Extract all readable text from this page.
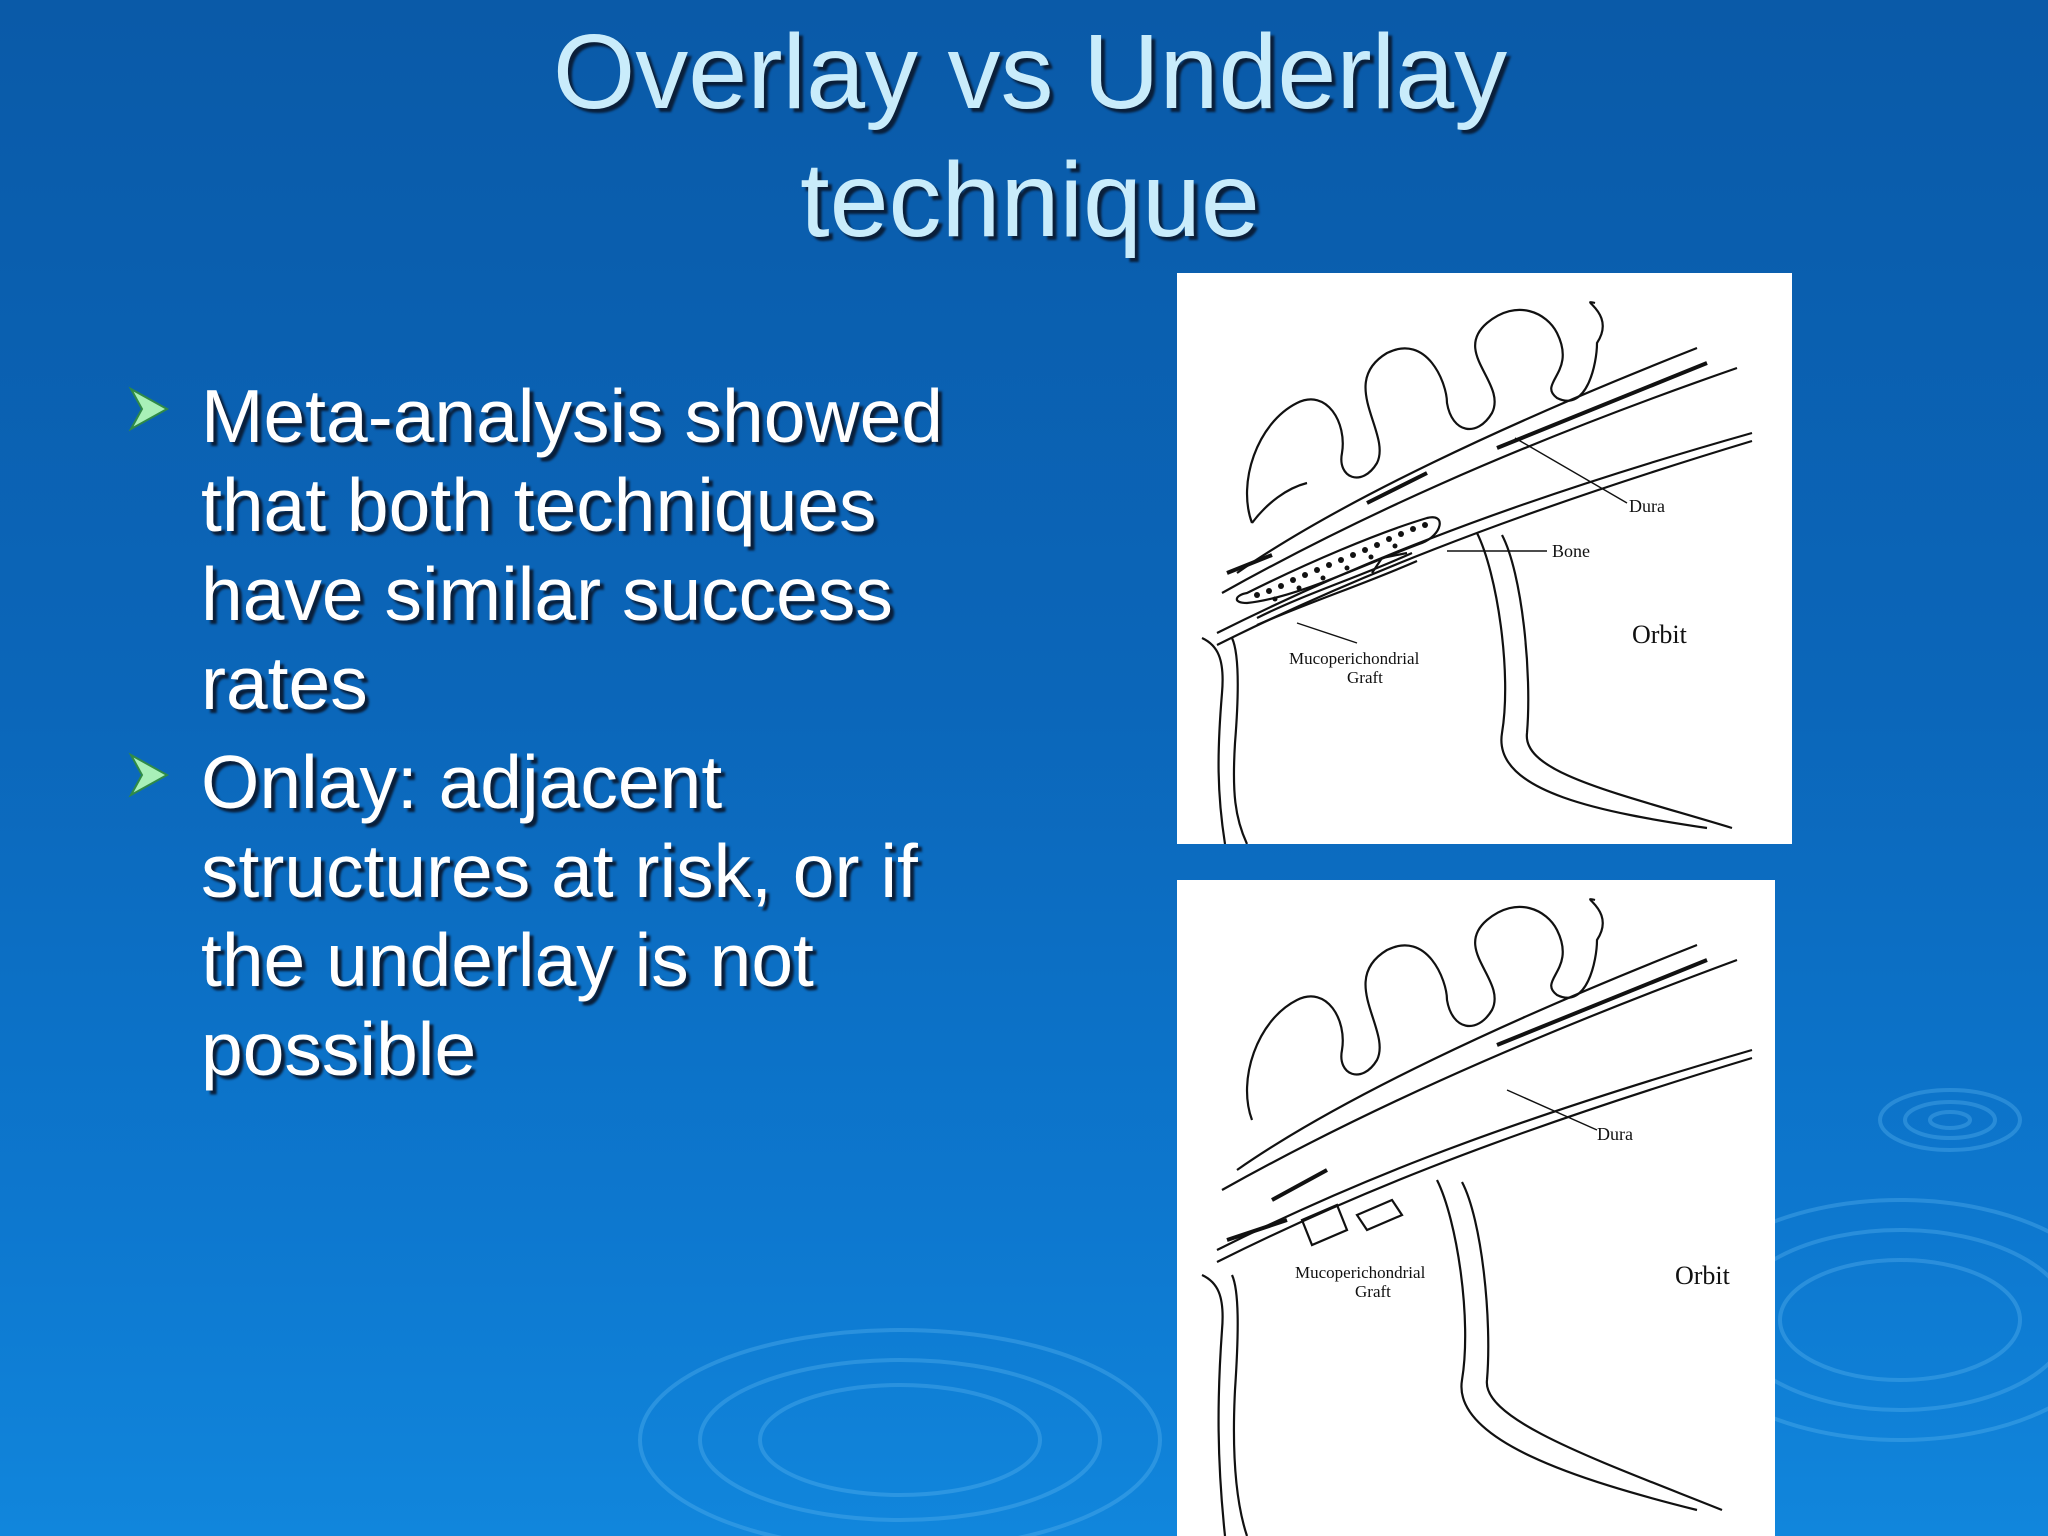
Overlay vs Underlay
technique
Meta-analysis showed that both techniques have similar success rates
Onlay: adjacent structures at risk, or if the underlay is not possible
Dura
Bone
Orbit
Mucoperichondrial
Graft
Dura
Orbit
Mucoperichondrial
Graft
